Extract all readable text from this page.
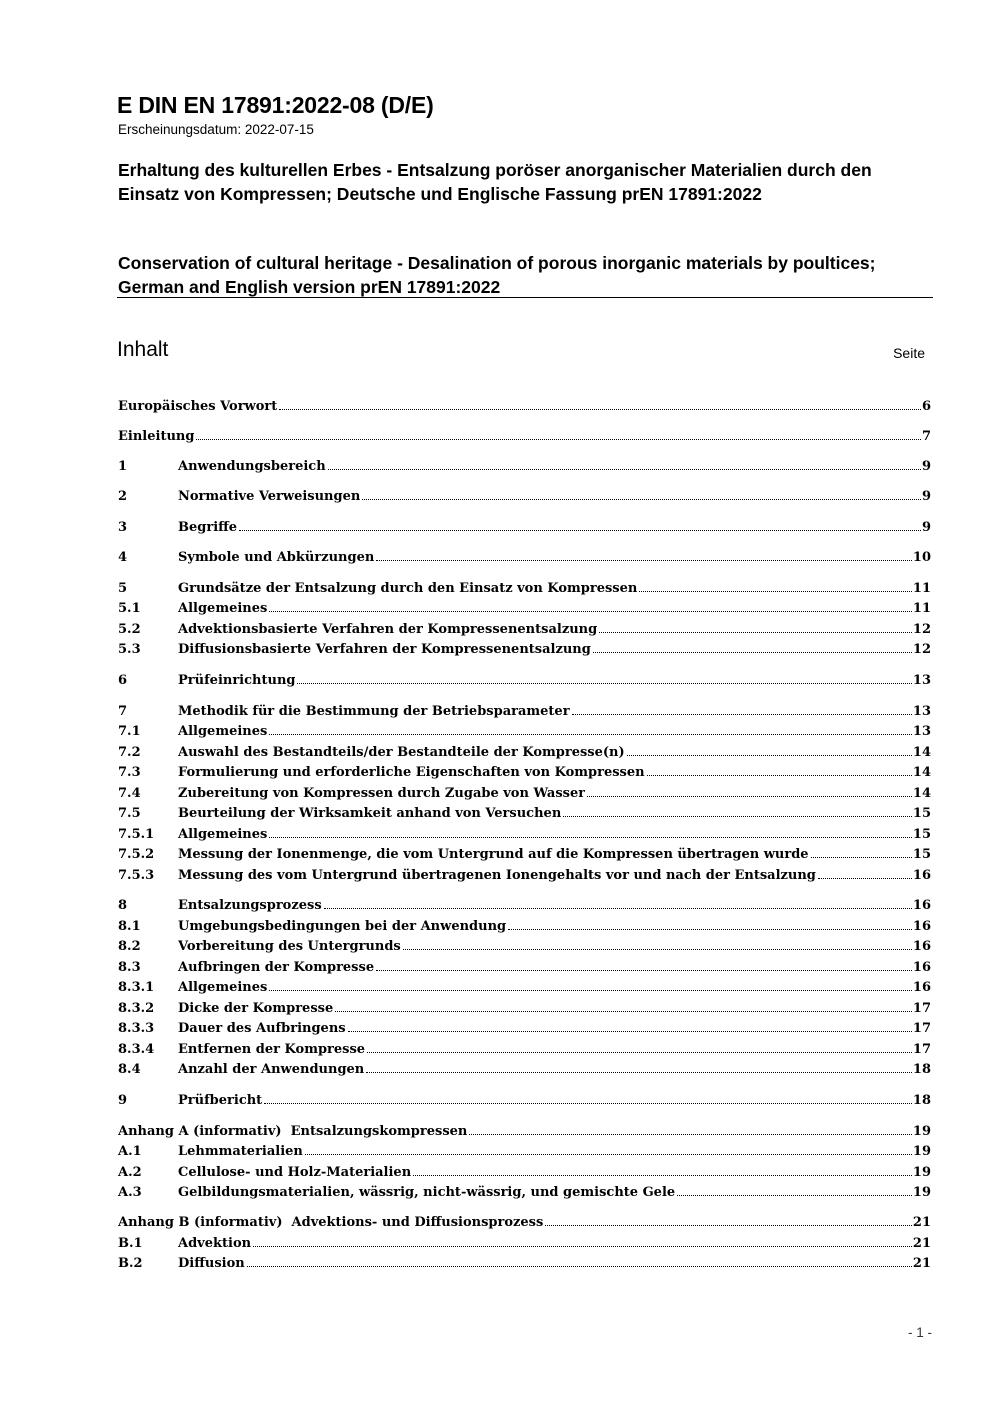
E DIN EN 17891:2022-08 (D/E)
Erscheinungsdatum: 2022-07-15
Erhaltung des kulturellen Erbes - Entsalzung poröser anorganischer Materialien durch den Einsatz von Kompressen; Deutsche und Englische Fassung prEN 17891:2022
Conservation of cultural heritage - Desalination of porous inorganic materials by poultices; German and English version prEN 17891:2022
Inhalt	Seite
Europäisches Vorwort	6
Einleitung	7
1	Anwendungsbereich	9
2	Normative Verweisungen	9
3	Begriffe	9
4	Symbole und Abkürzungen	10
5	Grundsätze der Entsalzung durch den Einsatz von Kompressen	11
5.1	Allgemeines	11
5.2	Advektionsbasierte Verfahren der Kompressenentsalzung	12
5.3	Diffusionsbasierte Verfahren der Kompressenentsalzung	12
6	Prüfeinrichtung	13
7	Methodik für die Bestimmung der Betriebsparameter	13
7.1	Allgemeines	13
7.2	Auswahl des Bestandteils/der Bestandteile der Kompresse(n)	14
7.3	Formulierung und erforderliche Eigenschaften von Kompressen	14
7.4	Zubereitung von Kompressen durch Zugabe von Wasser	14
7.5	Beurteilung der Wirksamkeit anhand von Versuchen	15
7.5.1	Allgemeines	15
7.5.2	Messung der Ionenmenge, die vom Untergrund auf die Kompressen übertragen wurde	15
7.5.3	Messung des vom Untergrund übertragenen Ionengehalts vor und nach der Entsalzung	16
8	Entsalzungsprozess	16
8.1	Umgebungsbedingungen bei der Anwendung	16
8.2	Vorbereitung des Untergrunds	16
8.3	Aufbringen der Kompresse	16
8.3.1	Allgemeines	16
8.3.2	Dicke der Kompresse	17
8.3.3	Dauer des Aufbringens	17
8.3.4	Entfernen der Kompresse	17
8.4	Anzahl der Anwendungen	18
9	Prüfbericht	18
Anhang A (informativ)  Entsalzungskompressen	19
A.1	Lehmmaterialien	19
A.2	Cellulose- und Holz-Materialien	19
A.3	Gelbildungsmaterialien, wässrig, nicht-wässrig, und gemischte Gele	19
Anhang B (informativ)  Advektions- und Diffusionsprozess	21
B.1	Advektion	21
B.2	Diffusion	21
- 1 -
